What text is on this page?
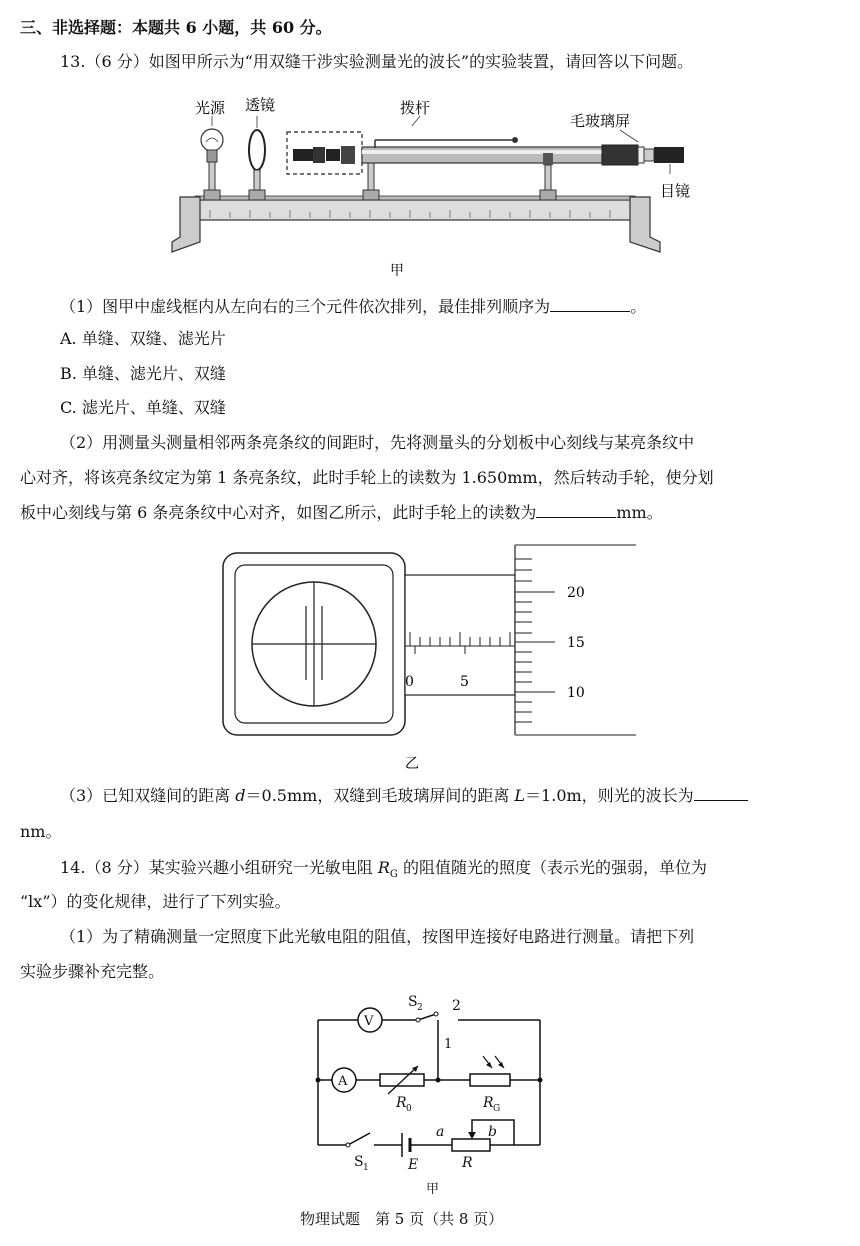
三、非选择题：本题共 6 小题，共 60 分。
13.（6 分）如图甲所示为“用双缝干涉实验测量光的波长”的实验装置，请回答以下问题。
光源 透镜	拨杆
毛玻璃屏
目镜
甲
（1）图甲中虚线框内从左向右的三个元件依次排列，最佳排列顺序为	。
A. 单缝、双缝、滤光片
B. 单缝、滤光片、双缝
C. 滤光片、单缝、双缝
（2）用测量头测量相邻两条亮条纹的间距时，先将测量头的分划板中心刻线与某亮条纹中
心对齐，将该亮条纹定为第 1 条亮条纹，此时手轮上的读数为 1.650mm，然后转动手轮，使分划
板中心刻线与第 6 条亮条纹中心对齐，如图乙所示，此时手轮上的读数为	mm。
0	5
20
15
10
乙
（3）已知双缝间的距离 d＝0.5mm，双缝到毛玻璃屏间的距离 L＝1.0m，则光的波长为
nm。
14.（8 分）某实验兴趣小组研究一光敏电阻 $R_G$ 的阻值随光的照度（表示光的强弱，单位为
“lx”）的变化规律，进行了下列实验。
（1）为了精确测量一定照度下此光敏电阻的阻值，按图甲连接好电路进行测量。请把下列
实验步骤补充完整。
V
A
S 2 2
1
R 0	R G
S 1	E
a	b
R
甲
物理试题　第 5 页（共 8 页）
